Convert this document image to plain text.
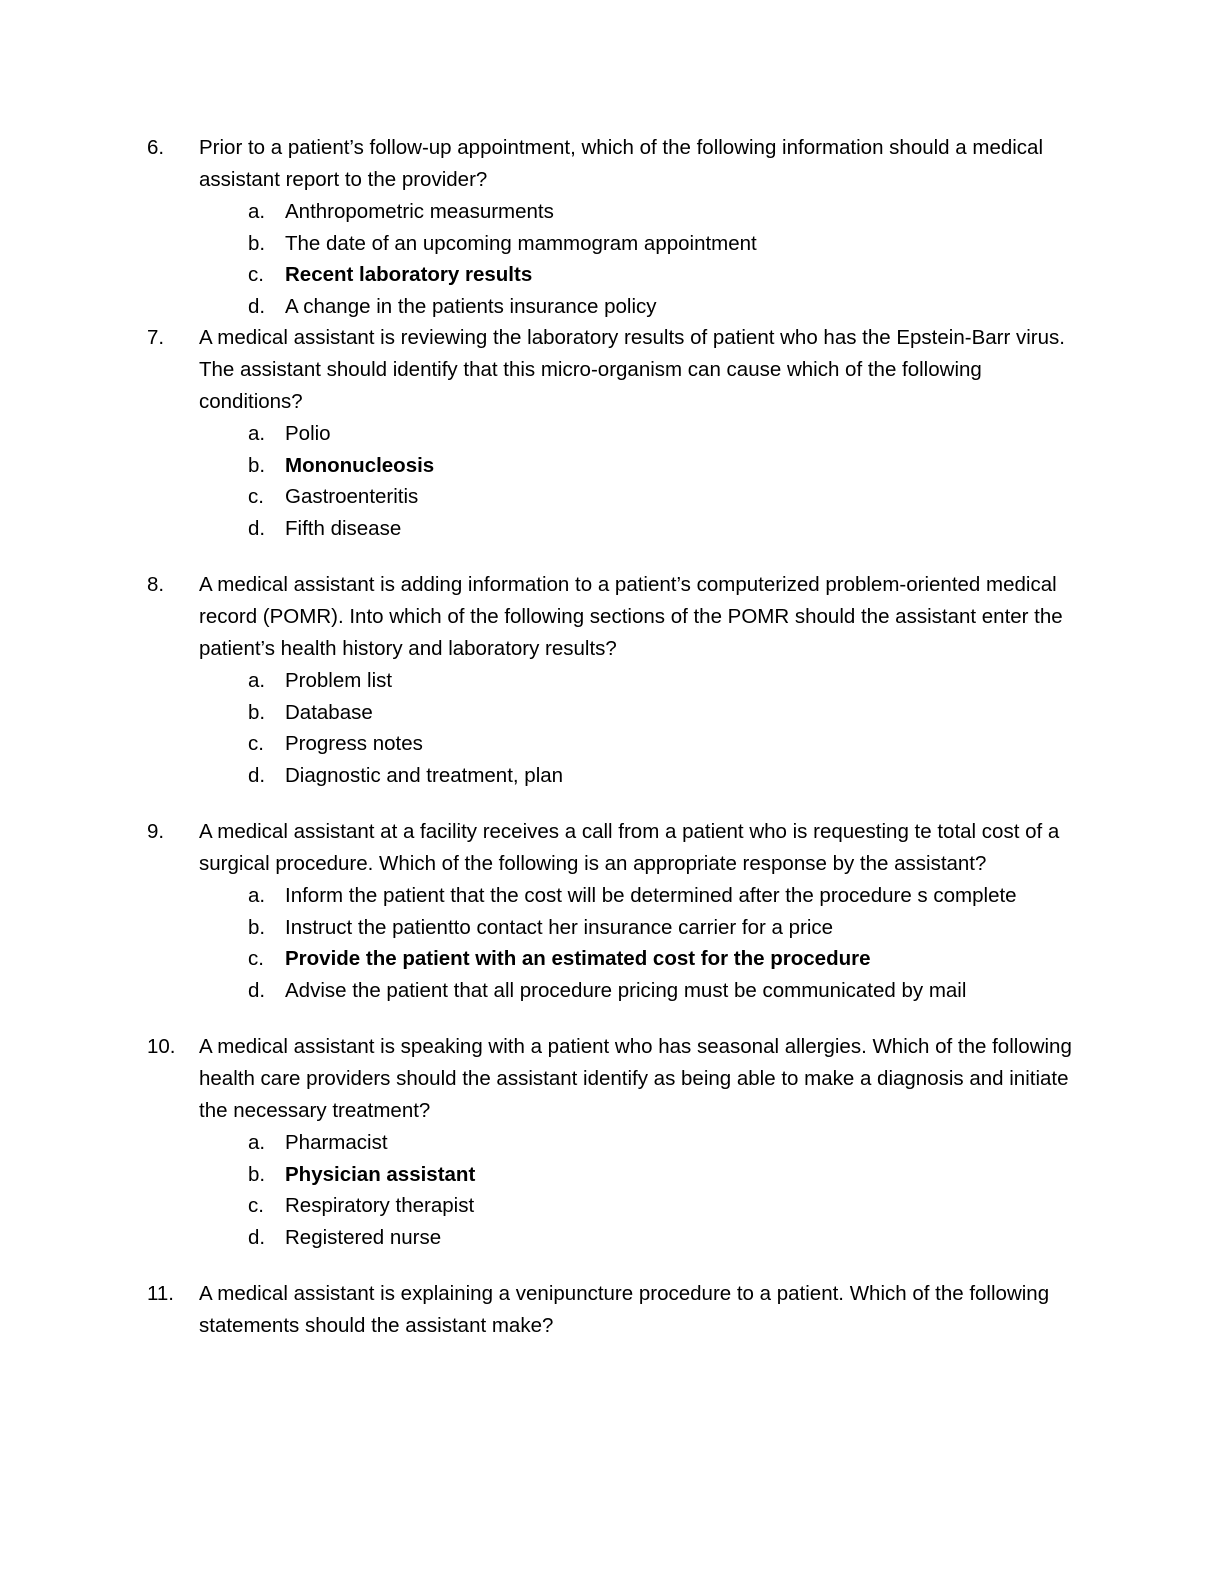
6.	Prior to a patient’s follow-up appointment, which of the following information should a medical assistant report to the provider?
a. Anthropometric measurments
b. The date of an upcoming mammogram appointment
c.	Recent laboratory results
d. A change in the patients insurance policy
7.	A medical assistant is reviewing the laboratory results of patient who has the Epstein-Barr virus. The assistant should identify that this micro-organism can cause which of the following conditions?
a. Polio
b. Mononucleosis
c.	Gastroenteritis
d. Fifth disease
8.	A medical assistant is adding information to a patient’s computerized problem-oriented medical record (POMR). Into which of the following sections of the POMR should the assistant enter the patient’s health history and laboratory results?
a. Problem list
b. Database
c.	Progress notes
d. Diagnostic and treatment, plan
9.	A medical assistant at a facility receives a call from a patient who is requesting te total cost of a surgical procedure. Which of the following is an appropriate response by the assistant?
a. Inform the patient that the cost will be determined after the procedure s complete
b. Instruct the patientto contact her insurance carrier for a price
c.	Provide the patient with an estimated cost for the procedure
d. Advise the patient that all procedure pricing must be communicated by mail
10.	A medical assistant is speaking with a patient who has seasonal allergies. Which of the following health care providers should the assistant identify as being able to make a diagnosis and initiate the necessary treatment?
a. Pharmacist
b. Physician assistant
c.	Respiratory therapist
d. Registered nurse
11.	A medical assistant is explaining a venipuncture procedure to a patient. Which of the following statements should the assistant make?
